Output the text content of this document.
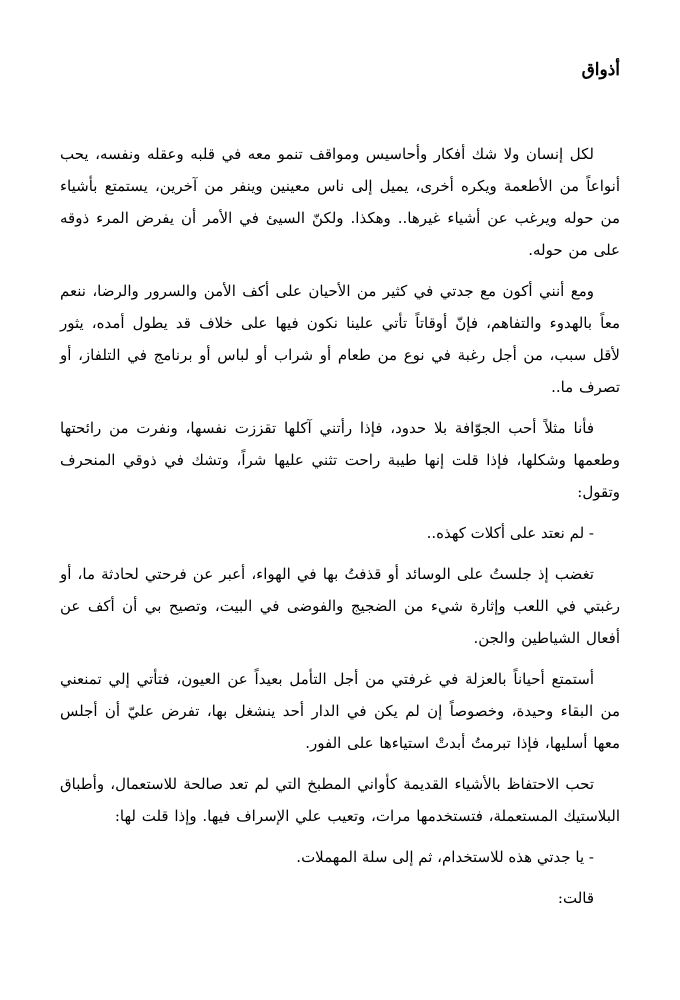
أذواق

لكل إنسان ولا شك أفكار وأحاسيس ومواقف تنمو معه في قلبه وعقله ونفسه، يحب أنواعاً من الأطعمة ويكره أخرى، يميل إلى ناس معينين وينفر من آخرين، يستمتع بأشياء من حوله ويرغب عن أشياء غيرها.. وهكذا. ولكنّ السيئ في الأمر أن يفرض المرء ذوقه على من حوله.

ومع أنني أكون مع جدتي في كثير من الأحيان على أكف الأمن والسرور والرضا، ننعم معاً بالهدوء والتفاهم، فإنّ أوقاتاً تأتي علينا نكون فيها على خلاف قد يطول أمده، يثور لأقل سبب، من أجل رغبة في نوع من طعام أو شراب أو لباس أو برنامج في التلفاز، أو تصرف ما..

فأنا مثلاً أحب الجوّافة بلا حدود، فإذا رأتني آكلها تقززت نفسها، ونفرت من رائحتها وطعمها وشكلها، فإذا قلت إنها طيبة راحت تثني عليها شراً، وتشك في ذوقي المنحرف وتقول:

- لم نعتد على أكلات كهذه..

تغضب إذ جلستُ على الوسائد أو قذفتُ بها في الهواء، أعبر عن فرحتي لحادثة ما، أو رغبتي في اللعب وإثارة شيء من الضجيج والفوضى في البيت، وتصيح بي أن أكف عن أفعال الشياطين والجن.

أستمتع أحياناً بالعزلة في غرفتي من أجل التأمل بعيداً عن العيون، فتأتي إلي تمنعني من البقاء وحيدة، وخصوصاً إن لم يكن في الدار أحد ينشغل بها، تفرض عليّ أن أجلس معها أسليها، فإذا تبرمتُ أبدتْ استياءها على الفور.

تحب الاحتفاظ بالأشياء القديمة كأواني المطبخ التي لم تعد صالحة للاستعمال، وأطباق البلاستيك المستعملة، فتستخدمها مرات، وتعيب علي الإسراف فيها. وإذا قلت لها:

- يا جدتي هذه للاستخدام، ثم إلى سلة المهملات.

قالت:
